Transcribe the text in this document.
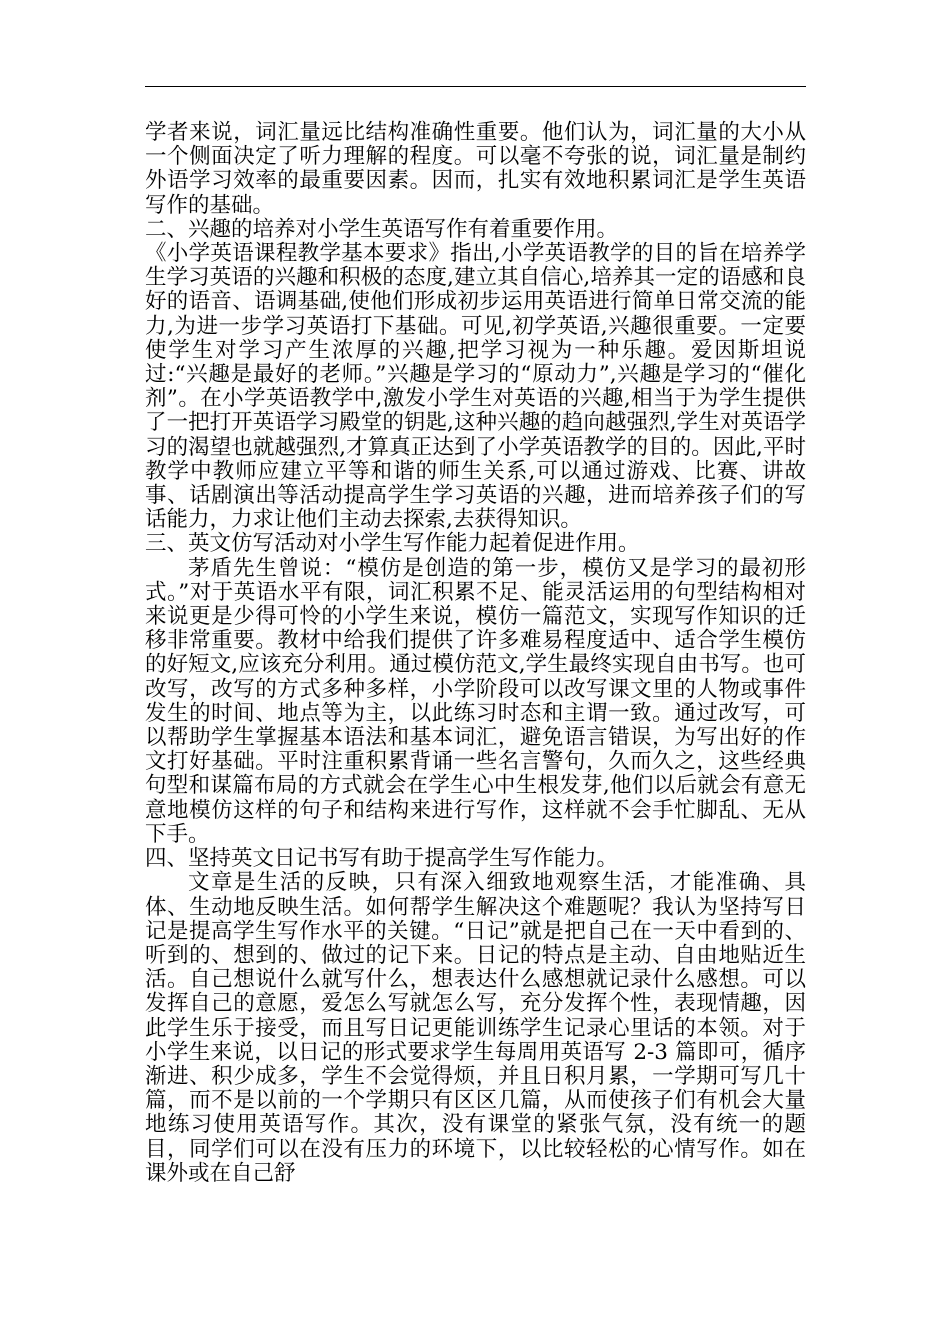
学者来说，词汇量远比结构准确性重要。他们认为，词汇量的大小从一个侧面决定了听力理解的程度。可以毫不夸张的说，词汇量是制约外语学习效率的最重要因素。因而，扎实有效地积累词汇是学生英语写作的基础。

二、兴趣的培养对小学生英语写作有着重要作用。

《小学英语课程教学基本要求》指出,小学英语教学的目的旨在培养学生学习英语的兴趣和积极的态度,建立其自信心,培养其一定的语感和良好的语音、语调基础,使他们形成初步运用英语进行简单日常交流的能力,为进一步学习英语打下基础。可见,初学英语,兴趣很重要。一定要使学生对学习产生浓厚的兴趣,把学习视为一种乐趣。爱因斯坦说过:“兴趣是最好的老师。”兴趣是学习的“原动力”,兴趣是学习的“催化剂”。在小学英语教学中,激发小学生对英语的兴趣,相当于为学生提供了一把打开英语学习殿堂的钥匙,这种兴趣的趋向越强烈,学生对英语学习的渴望也就越强烈,才算真正达到了小学英语教学的目的。因此,平时教学中教师应建立平等和谐的师生关系,可以通过游戏、比赛、讲故事、话剧演出等活动提高学生学习英语的兴趣，进而培养孩子们的写话能力，力求让他们主动去探索,去获得知识。

三、英文仿写活动对小学生写作能力起着促进作用。

茅盾先生曾说：“模仿是创造的第一步，模仿又是学习的最初形式。”对于英语水平有限，词汇积累不足、能灵活运用的句型结构相对来说更是少得可怜的小学生来说，模仿一篇范文，实现写作知识的迁移非常重要。教材中给我们提供了许多难易程度适中、适合学生模仿的好短文,应该充分利用。通过模仿范文,学生最终实现自由书写。也可改写，改写的方式多种多样，小学阶段可以改写课文里的人物或事件发生的时间、地点等为主，以此练习时态和主谓一致。通过改写，可以帮助学生掌握基本语法和基本词汇，避免语言错误，为写出好的作文打好基础。平时注重积累背诵一些名言警句，久而久之，这些经典句型和谋篇布局的方式就会在学生心中生根发芽,他们以后就会有意无意地模仿这样的句子和结构来进行写作，这样就不会手忙脚乱、无从下手。

四、坚持英文日记书写有助于提高学生写作能力。

文章是生活的反映，只有深入细致地观察生活，才能准确、具体、生动地反映生活。如何帮学生解决这个难题呢？我认为坚持写日记是提高学生写作水平的关键。“日记”就是把自己在一天中看到的、听到的、想到的、做过的记下来。日记的特点是主动、自由地贴近生活。自己想说什么就写什么，想表达什么感想就记录什么感想。可以发挥自己的意愿，爱怎么写就怎么写，充分发挥个性，表现情趣，因此学生乐于接受，而且写日记更能训练学生记录心里话的本领。对于小学生来说，以日记的形式要求学生每周用英语写 2-3 篇即可，循序渐进、积少成多，学生不会觉得烦，并且日积月累，一学期可写几十篇，而不是以前的一个学期只有区区几篇，从而使孩子们有机会大量地练习使用英语写作。其次，没有课堂的紧张气氛，没有统一的题目，同学们可以在没有压力的环境下，以比较轻松的心情写作。如在课外或在自己舒
